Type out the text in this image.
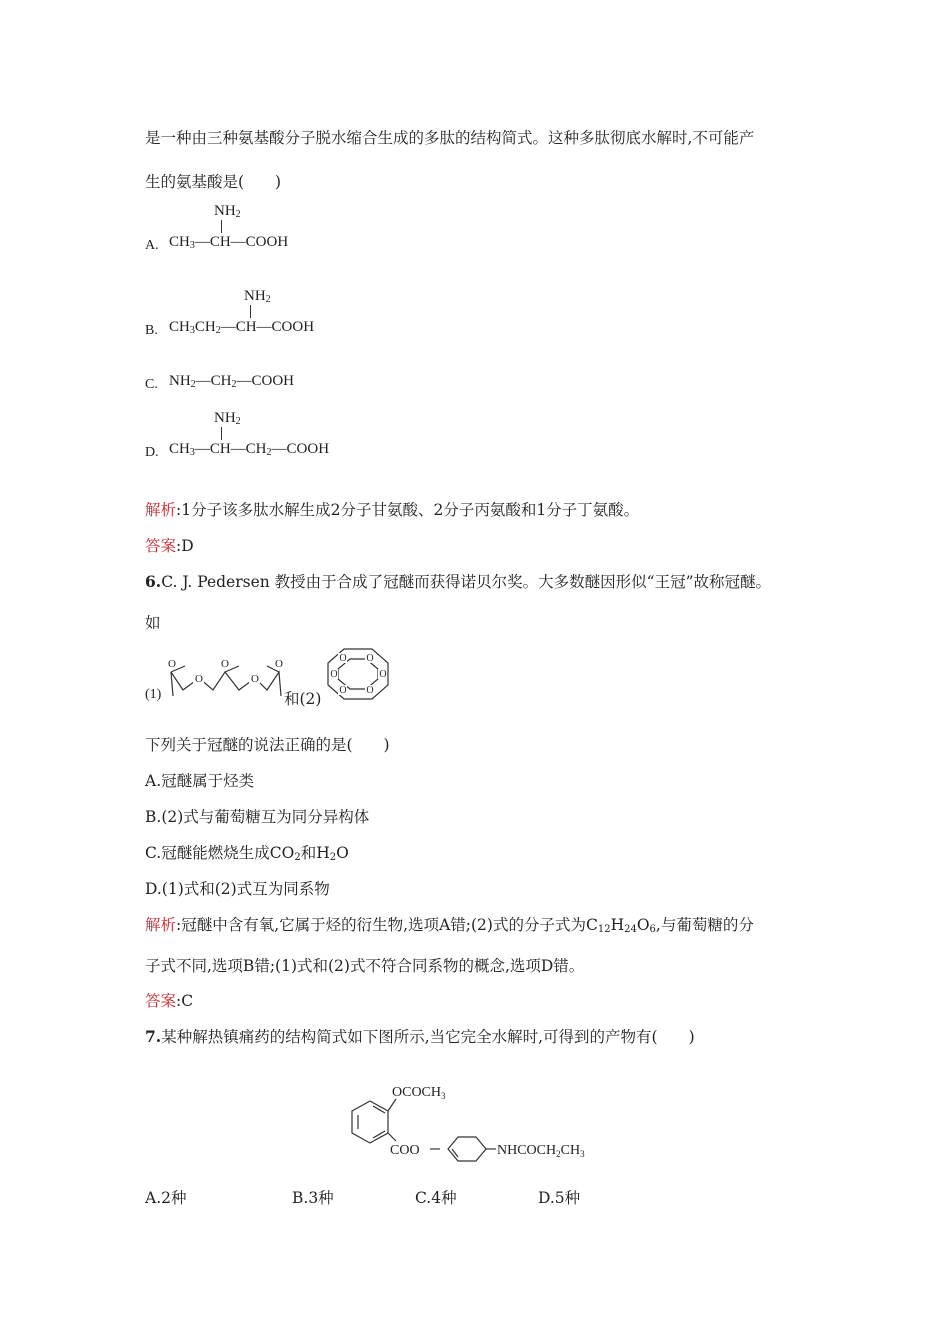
是一种由三种氨基酸分子脱水缩合生成的多肽的结构简式。这种多肽彻底水解时,不可能产
生的氨基酸是(　　)
A.
$NH_2$
$CH_3—CH—COOH$
B.
$NH_2$
$CH_3CH_2—CH—COOH$
C. $NH_2—CH_2—COOH$
D.
$NH_2$
$CH_3—CH—CH_2—COOH$
解析:1分子该多肽水解生成2分子甘氨酸、2分子丙氨酸和1分子丁氨酸。
答案:D
6.C. J. Pedersen 教授由于合成了冠醚而获得诺贝尔奖。大多数醚因形似“王冠”故称冠醚。
如
(1)
O
O
O
O
O
和(2)
O O
O	O
O O
下列关于冠醚的说法正确的是(　　)
A.冠醚属于烃类
B.(2)式与葡萄糖互为同分异构体
C.冠醚能燃烧生成$CO_2$和$H_2O$
D.(1)式和(2)式互为同系物
解析:冠醚中含有氧,它属于烃的衍生物,选项A错;(2)式的分子式为$C_{12}H_{24}O_6$,与葡萄糖的分
子式不同,选项B错;(1)式和(2)式不符合同系物的概念,选项D错。
答案:C
7.某种解热镇痛药的结构简式如下图所示,当它完全水解时,可得到的产物有(　　)
$OCOCH_3$
COO	$NHCOCH_2CH_3$
A.2种	B.3种	C.4种	D.5种
